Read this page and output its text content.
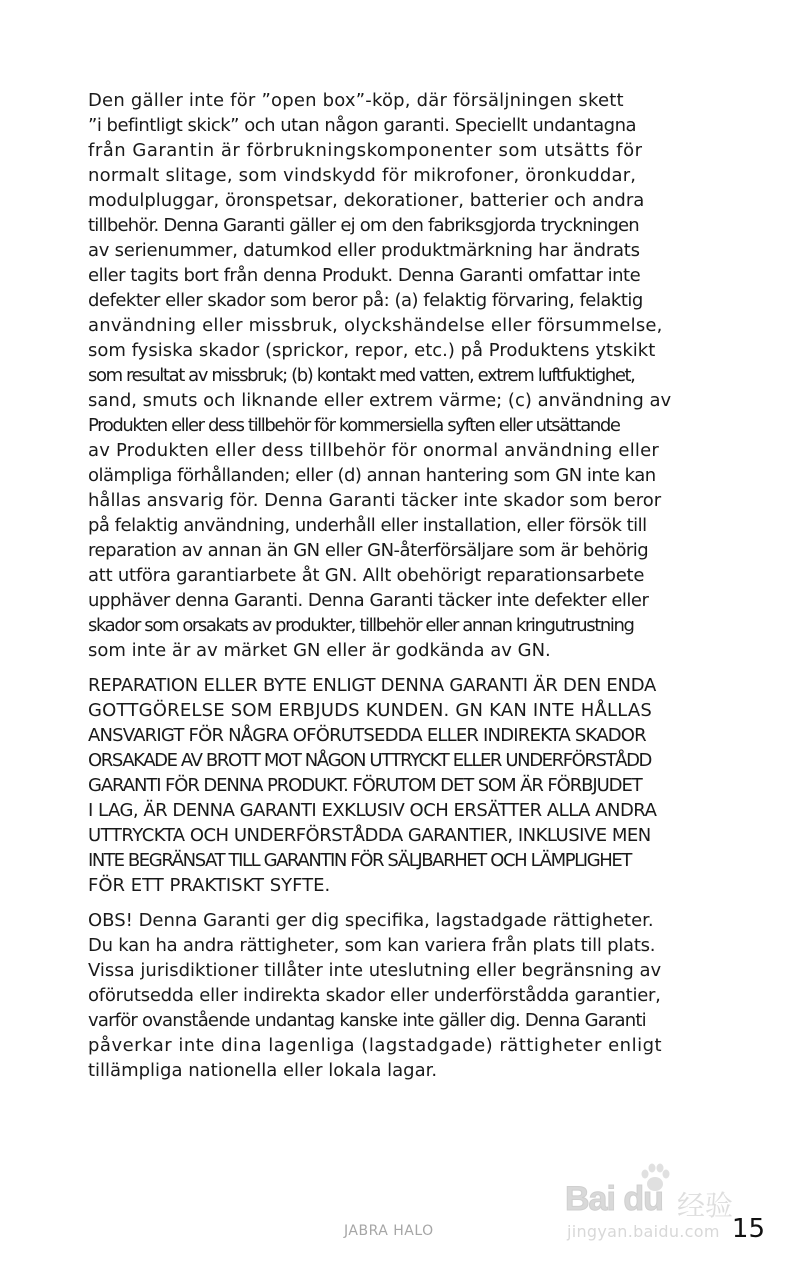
Den gäller inte för ”open box”-köp, där försäljningen skett
”i befintligt skick” och utan någon garanti. Speciellt undantagna
från Garantin är förbrukningskomponenter som utsätts för
normalt slitage, som vindskydd för mikrofoner, öronkuddar,
modulpluggar, öronspetsar, dekorationer, batterier och andra
tillbehör. Denna Garanti gäller ej om den fabriksgjorda tryckningen
av serienummer, datumkod eller produktmärkning har ändrats
eller tagits bort från denna Produkt. Denna Garanti omfattar inte
defekter eller skador som beror på: (a) felaktig förvaring, felaktig
användning eller missbruk, olyckshändelse eller försummelse,
som fysiska skador (sprickor, repor, etc.) på Produktens ytskikt
som resultat av missbruk; (b) kontakt med vatten, extrem luftfuktighet,
sand, smuts och liknande eller extrem värme; (c) användning av
Produkten eller dess tillbehör för kommersiella syften eller utsättande
av Produkten eller dess tillbehör för onormal användning eller
olämpliga förhållanden; eller (d) annan hantering som GN inte kan
hållas ansvarig för. Denna Garanti täcker inte skador som beror
på felaktig användning, underhåll eller installation, eller försök till
reparation av annan än GN eller GN-återförsäljare som är behörig
att utföra garantiarbete åt GN. Allt obehörigt reparationsarbete
upphäver denna Garanti. Denna Garanti täcker inte defekter eller
skador som orsakats av produkter, tillbehör eller annan kringutrustning
som inte är av märket GN eller är godkända av GN.

REPARATION ELLER BYTE ENLIGT DENNA GARANTI ÄR DEN ENDA
GOTTGÖRELSE SOM ERBJUDS KUNDEN. GN KAN INTE HÅLLAS
ANSVARIGT FÖR NÅGRA OFÖRUTSEDDA ELLER INDIREKTA SKADOR
ORSAKADE AV BROTT MOT NÅGON UTTRYCKT ELLER UNDERFÖRSTÅDD
GARANTI FÖR DENNA PRODUKT. FÖRUTOM DET SOM ÄR FÖRBJUDET
I LAG, ÄR DENNA GARANTI EXKLUSIV OCH ERSÄTTER ALLA ANDRA
UTTRYCKTA OCH UNDERFÖRSTÅDDA GARANTIER, INKLUSIVE MEN
INTE BEGRÄNSAT TILL GARANTIN FÖR SÄLJBARHET OCH LÄMPLIGHET
FÖR ETT PRAKTISKT SYFTE.

OBS! Denna Garanti ger dig specifika, lagstadgade rättigheter.
Du kan ha andra rättigheter, som kan variera från plats till plats.
Vissa jurisdiktioner tillåter inte uteslutning eller begränsning av
oförutsedda eller indirekta skador eller underförstådda garantier,
varför ovanstående undantag kanske inte gäller dig. Denna Garanti
påverkar inte dina lagenliga (lagstadgade) rättigheter enligt
tillämpliga nationella eller lokala lagar.

Bai du 经验
jingyan.baidu.com
JABRA HALO	15
